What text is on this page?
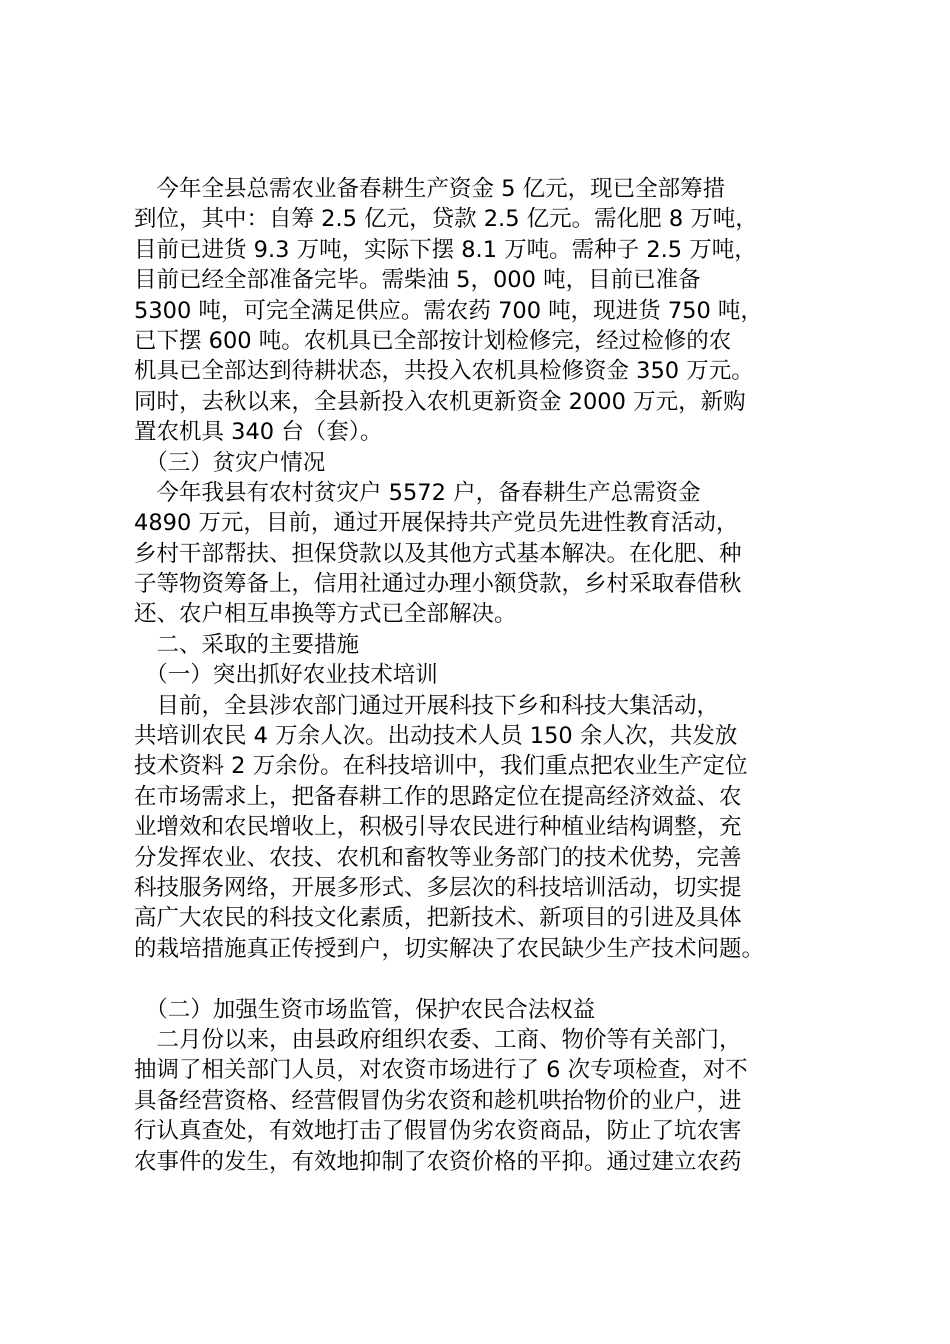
　今年全县总需农业备春耕生产资金 5 亿元，现已全部筹措
到位，其中：自筹 2.5 亿元，贷款 2.5 亿元。需化肥 8 万吨，
目前已进货 9.3 万吨，实际下摆 8.1 万吨。需种子 2.5 万吨，
目前已经全部准备完毕。需柴油 5，000 吨，目前已准备
5300 吨，可完全满足供应。需农药 700 吨，现进货 750 吨，
已下摆 600 吨。农机具已全部按计划检修完，经过检修的农
机具已全部达到待耕状态，共投入农机具检修资金 350 万元。
同时，去秋以来，全县新投入农机更新资金 2000 万元，新购
置农机具 340 台（套）。
　（三）贫灾户情况
　今年我县有农村贫灾户 5572 户，备春耕生产总需资金
4890 万元，目前，通过开展保持共产党员先进性教育活动，
乡村干部帮扶、担保贷款以及其他方式基本解决。在化肥、种
子等物资筹备上，信用社通过办理小额贷款，乡村采取春借秋
还、农户相互串换等方式已全部解决。
　二、采取的主要措施
　（一）突出抓好农业技术培训
　目前，全县涉农部门通过开展科技下乡和科技大集活动，
共培训农民 4 万余人次。出动技术人员 150 余人次，共发放
技术资料 2 万余份。在科技培训中，我们重点把农业生产定位
在市场需求上，把备春耕工作的思路定位在提高经济效益、农
业增效和农民增收上，积极引导农民进行种植业结构调整，充
分发挥农业、农技、农机和畜牧等业务部门的技术优势，完善
科技服务网络，开展多形式、多层次的科技培训活动，切实提
高广大农民的科技文化素质，把新技术、新项目的引进及具体
的栽培措施真正传授到户，切实解决了农民缺少生产技术问题。
　（二）加强生资市场监管，保护农民合法权益
　二月份以来，由县政府组织农委、工商、物价等有关部门，
抽调了相关部门人员，对农资市场进行了 6 次专项检查，对不
具备经营资格、经营假冒伪劣农资和趁机哄抬物价的业户，进
行认真查处，有效地打击了假冒伪劣农资商品，防止了坑农害
农事件的发生，有效地抑制了农资价格的平抑。通过建立农药
